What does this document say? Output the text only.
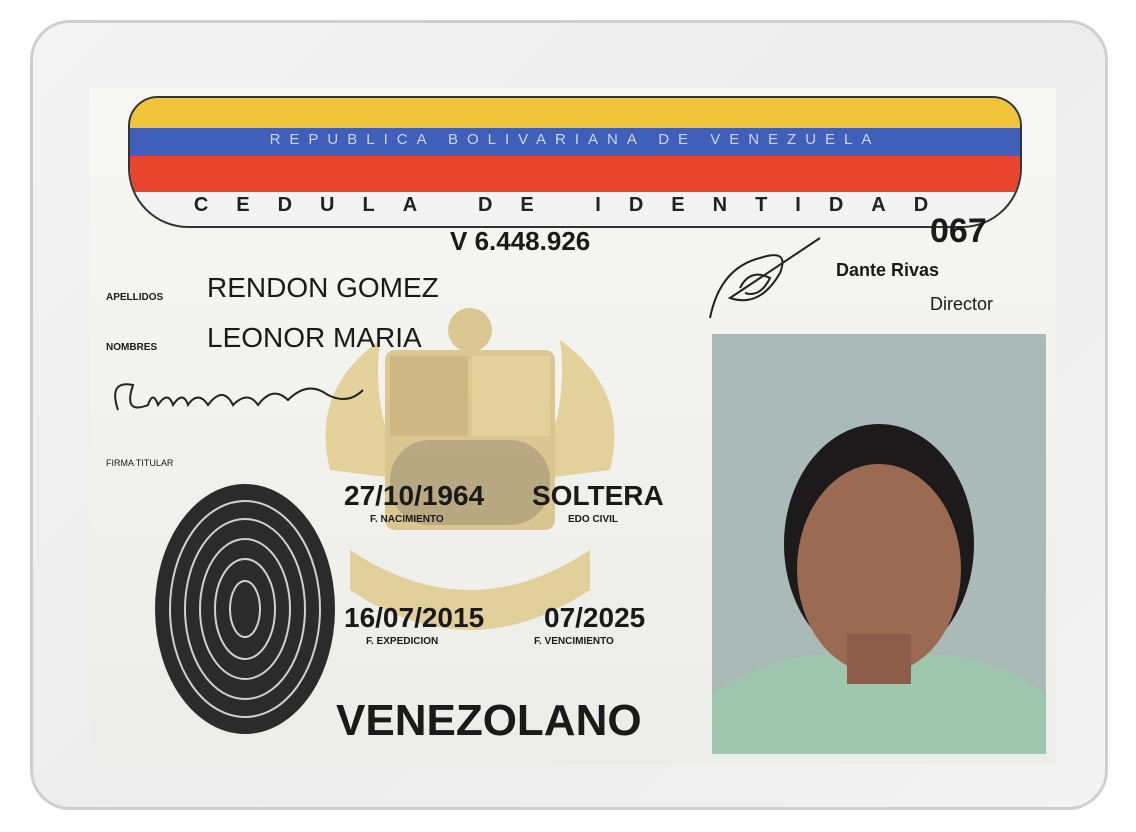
REPUBLICA BOLIVARIANA DE VENEZUELA
CEDULA DE IDENTIDAD
V 6.448.926	067
Dante Rivas
Director
APELLIDOS RENDON GOMEZ
NOMBRES LEONOR MARIA
FIRMA TITULAR
27/10/1964
F. NACIMIENTO
SOLTERA
EDO CIVIL
16/07/2015
F. EXPEDICION
07/2025
F. VENCIMIENTO
VENEZOLANO
